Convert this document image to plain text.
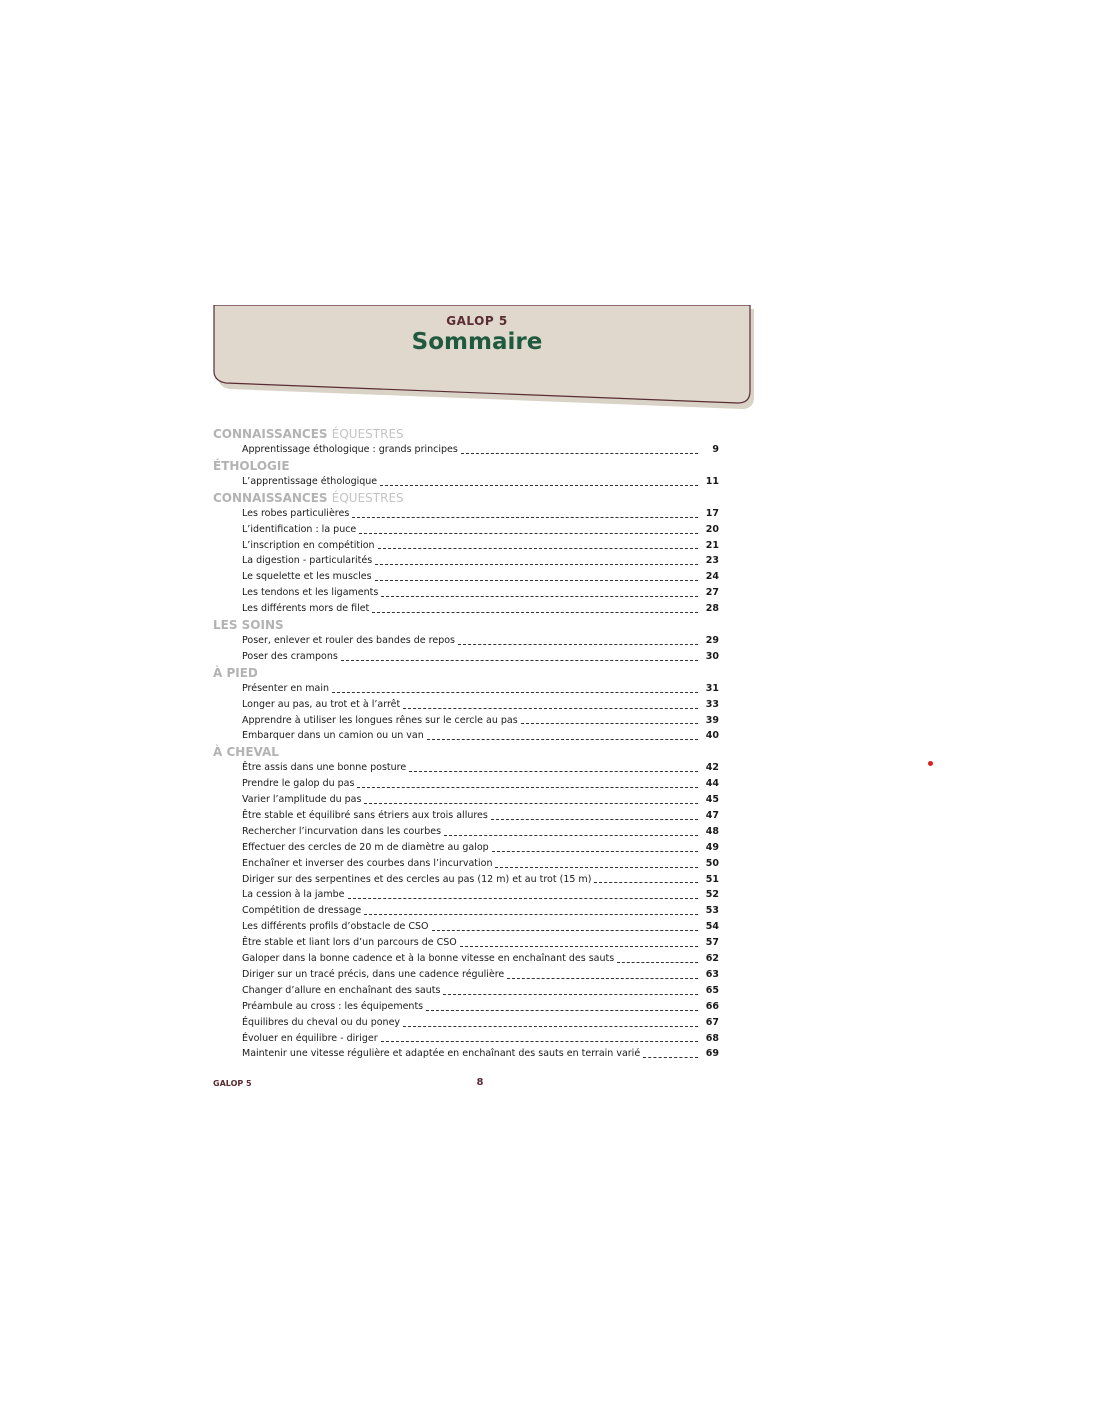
GALOP 5
Sommaire
CONNAISSANCES ÉQUESTRES
Apprentissage éthologique : grands principes	9
ÉTHOLOGIE
L’apprentissage éthologique	11
CONNAISSANCES ÉQUESTRES
Les robes particulières	17
L’identification : la puce	20
L’inscription en compétition	21
La digestion - particularités	23
Le squelette et les muscles	24
Les tendons et les ligaments	27
Les différents mors de filet	28
LES SOINS
Poser, enlever et rouler des bandes de repos	29
Poser des crampons	30
À PIED
Présenter en main	31
Longer au pas, au trot et à l’arrêt	33
Apprendre à utiliser les longues rênes sur le cercle au pas	39
Embarquer dans un camion ou un van	40
À CHEVAL
Être assis dans une bonne posture	42
Prendre le galop du pas	44
Varier l’amplitude du pas	45
Être stable et équilibré sans étriers aux trois allures	47
Rechercher l’incurvation dans les courbes	48
Effectuer des cercles de 20 m de diamètre au galop	49
Enchaîner et inverser des courbes dans l’incurvation	50
Diriger sur des serpentines et des cercles au pas (12 m) et au trot (15 m)	51
La cession à la jambe	52
Compétition de dressage	53
Les différents profils d’obstacle de CSO	54
Être stable et liant lors d’un parcours de CSO	57
Galoper dans la bonne cadence et à la bonne vitesse en enchaînant des sauts	62
Diriger sur un tracé précis, dans une cadence régulière	63
Changer d’allure en enchaînant des sauts	65
Préambule au cross : les équipements	66
Équilibres du cheval ou du poney	67
Évoluer en équilibre - diriger	68
Maintenir une vitesse régulière et adaptée en enchaînant des sauts en terrain varié	69
GALOP 5	8
